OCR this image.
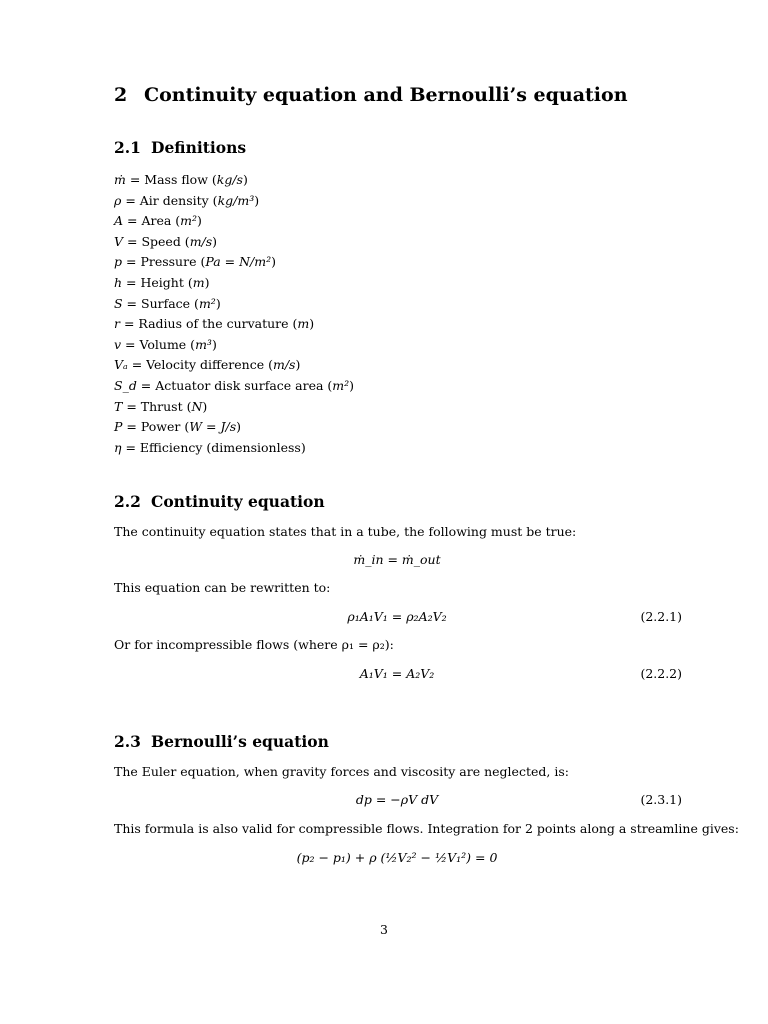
2 Continuity equation and Bernoulli’s equation
2.1 Definitions
ṁ = Mass flow (kg/s)
ρ = Air density (kg/m³)
A = Area (m²)
V = Speed (m/s)
p = Pressure (Pa = N/m²)
h = Height (m)
S = Surface (m²)
r = Radius of the curvature (m)
v = Volume (m³)
Vₐ = Velocity difference (m/s)
S_d = Actuator disk surface area (m²)
T = Thrust (N)
P = Power (W = J/s)
η = Efficiency (dimensionless)
2.2 Continuity equation
The continuity equation states that in a tube, the following must be true:
ṁ_in = ṁ_out
This equation can be rewritten to:
ρ₁A₁V₁ = ρ₂A₂V₂	(2.2.1)
Or for incompressible flows (where ρ₁ = ρ₂):
A₁V₁ = A₂V₂	(2.2.2)
2.3 Bernoulli’s equation
The Euler equation, when gravity forces and viscosity are neglected, is:
dp = −ρV dV	(2.3.1)
This formula is also valid for compressible flows. Integration for 2 points along a streamline gives:
(p₂ − p₁) + ρ (½V₂² − ½V₁²) = 0
3
